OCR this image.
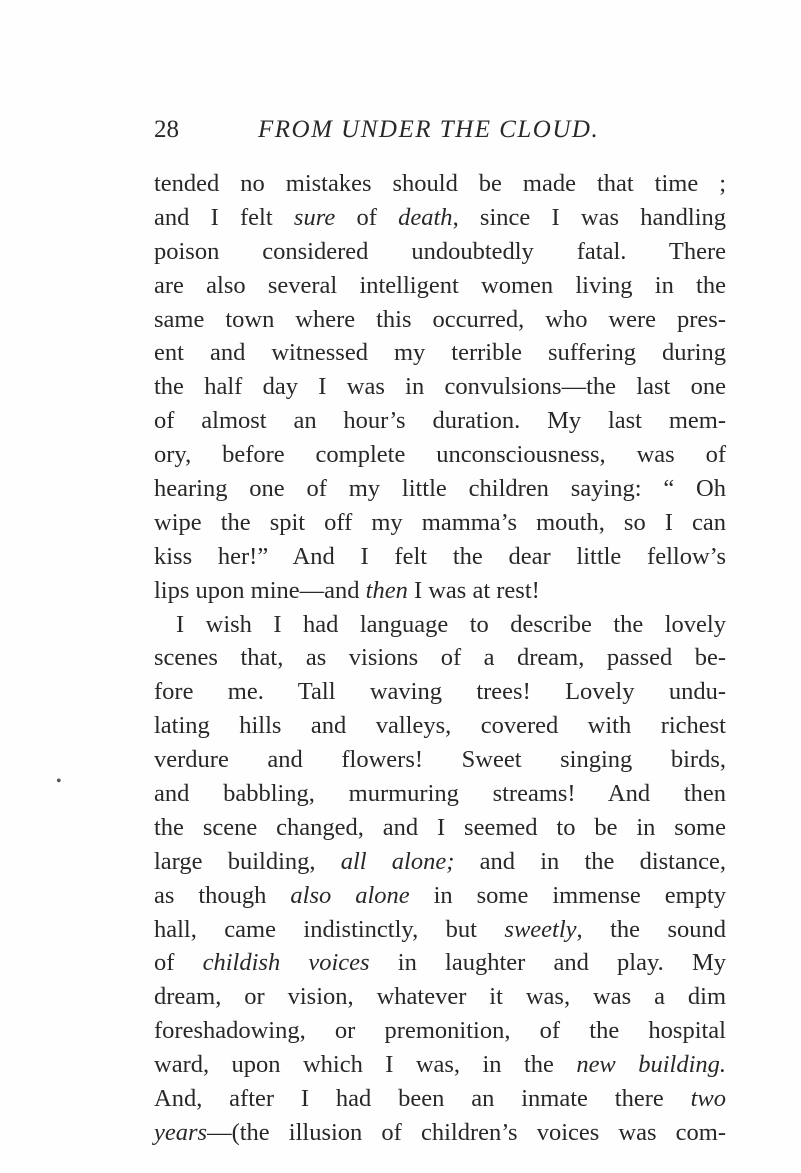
28	FROM UNDER THE CLOUD.
tended no mistakes should be made that time ;
and I felt sure of death, since I was handling
poison considered undoubtedly fatal. There
are also several intelligent women living in the
same town where this occurred, who were pres-
ent and witnessed my terrible suffering during
the half day I was in convulsions—the last one
of almost an hour’s duration. My last mem-
ory, before complete unconsciousness, was of
hearing one of my little children saying: “ Oh
wipe the spit off my mamma’s mouth, so I can
kiss her!” And I felt the dear little fellow’s
lips upon mine—and then I was at rest!
I wish I had language to describe the lovely
scenes that, as visions of a dream, passed be-
fore me. Tall waving trees! Lovely undu-
lating hills and valleys, covered with richest
verdure and flowers! Sweet singing birds,
and babbling, murmuring streams! And then
the scene changed, and I seemed to be in some
large building, all alone; and in the distance,
as though also alone in some immense empty
hall, came indistinctly, but sweetly, the sound
of childish voices in laughter and play. My
dream, or vision, whatever it was, was a dim
foreshadowing, or premonition, of the hospital
ward, upon which I was, in the new building.
And, after I had been an inmate there two
years—(the illusion of children’s voices was com-
•
